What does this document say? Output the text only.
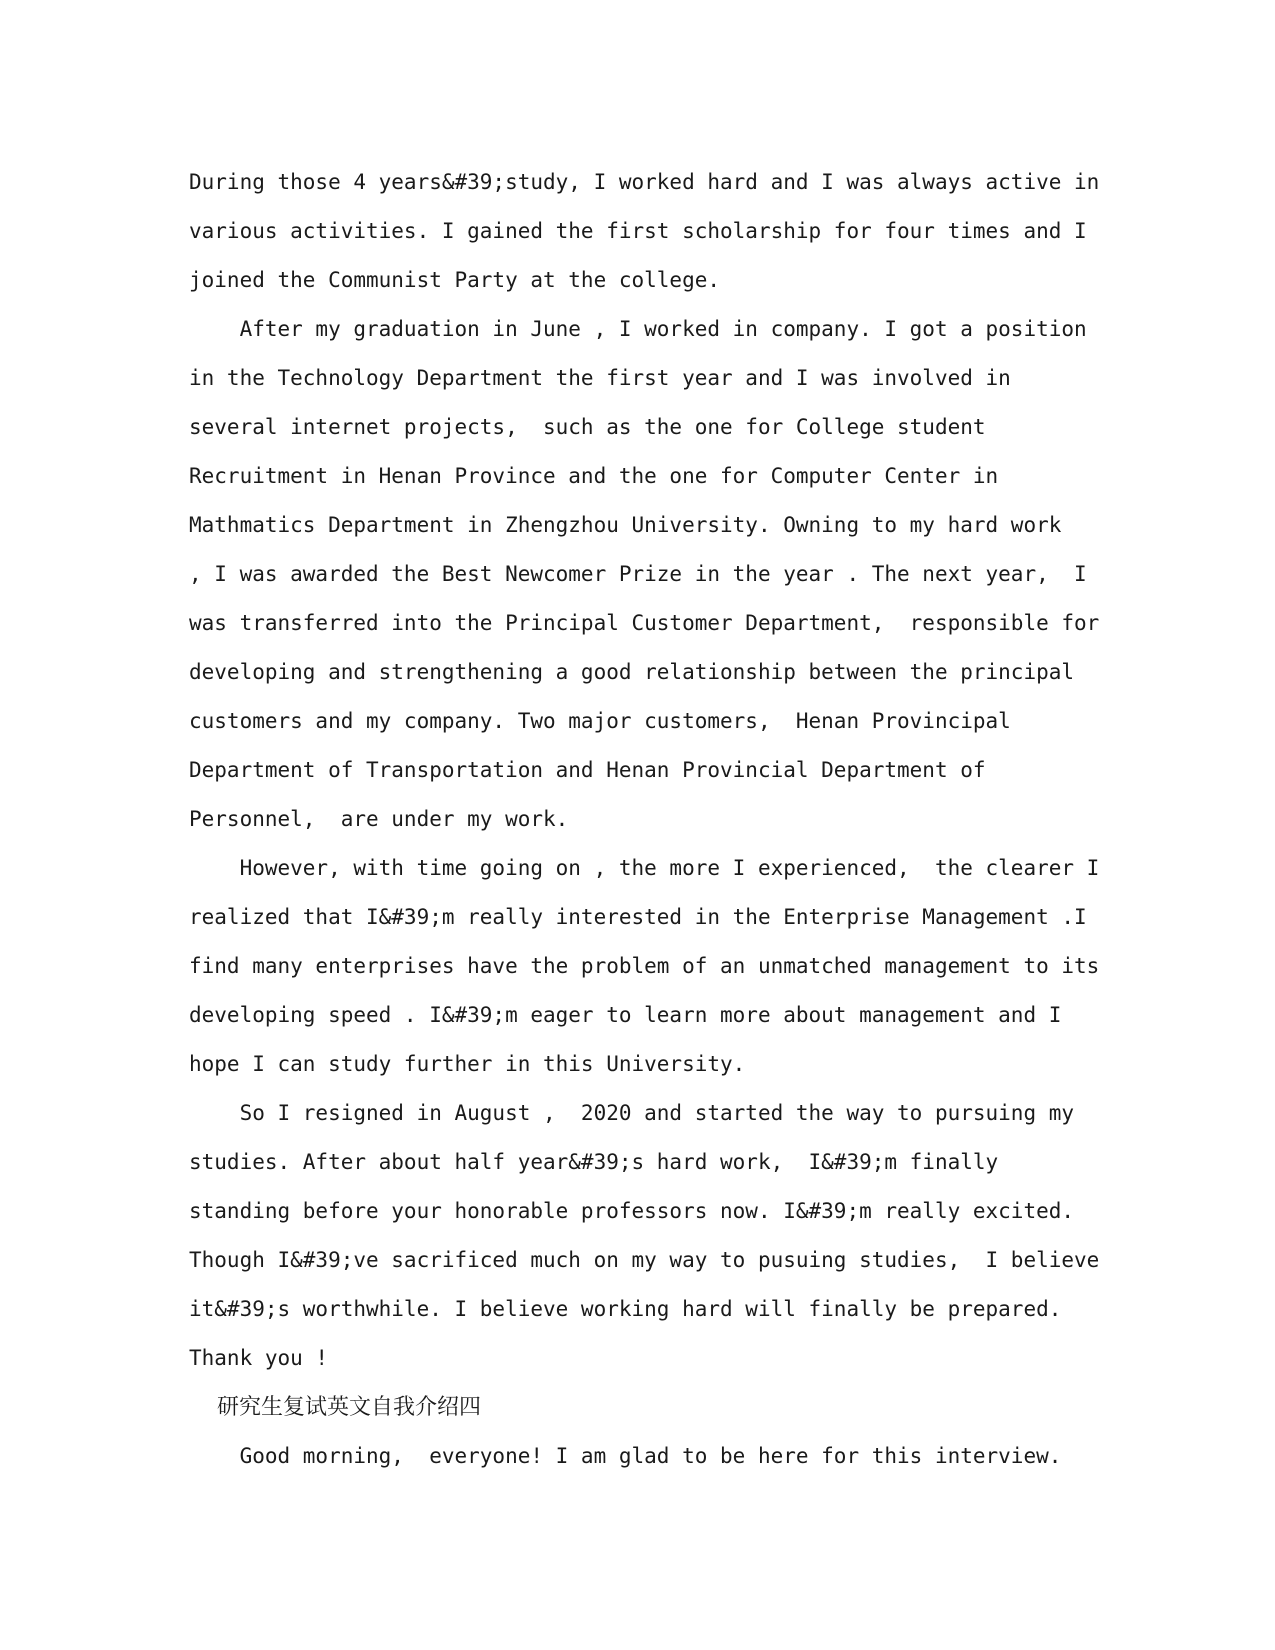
During those 4 years&#39;study, I worked hard and I was always active in
various activities. I gained the first scholarship for four times and I
joined the Communist Party at the college.
After my graduation in June , I worked in company. I got a position
in the Technology Department the first year and I was involved in
several internet projects,  such as the one for College student
Recruitment in Henan Province and the one for Computer Center in
Mathmatics Department in Zhengzhou University. Owning to my hard work
, I was awarded the Best Newcomer Prize in the year . The next year,  I
was transferred into the Principal Customer Department,  responsible for
developing and strengthening a good relationship between the principal
customers and my company. Two major customers,  Henan Provincipal
Department of Transportation and Henan Provincial Department of
Personnel,  are under my work.
However, with time going on , the more I experienced,  the clearer I
realized that I&#39;m really interested in the Enterprise Management .I
find many enterprises have the problem of an unmatched management to its
developing speed . I&#39;m eager to learn more about management and I
hope I can study further in this University.
So I resigned in August ,  2020 and started the way to pursuing my
studies. After about half year&#39;s hard work,  I&#39;m finally
standing before your honorable professors now. I&#39;m really excited.
Though I&#39;ve sacrificed much on my way to pusuing studies,  I believe
it&#39;s worthwhile. I believe working hard will finally be prepared.
Thank you !
研究生复试英文自我介绍四
Good morning,  everyone! I am glad to be here for this interview.
